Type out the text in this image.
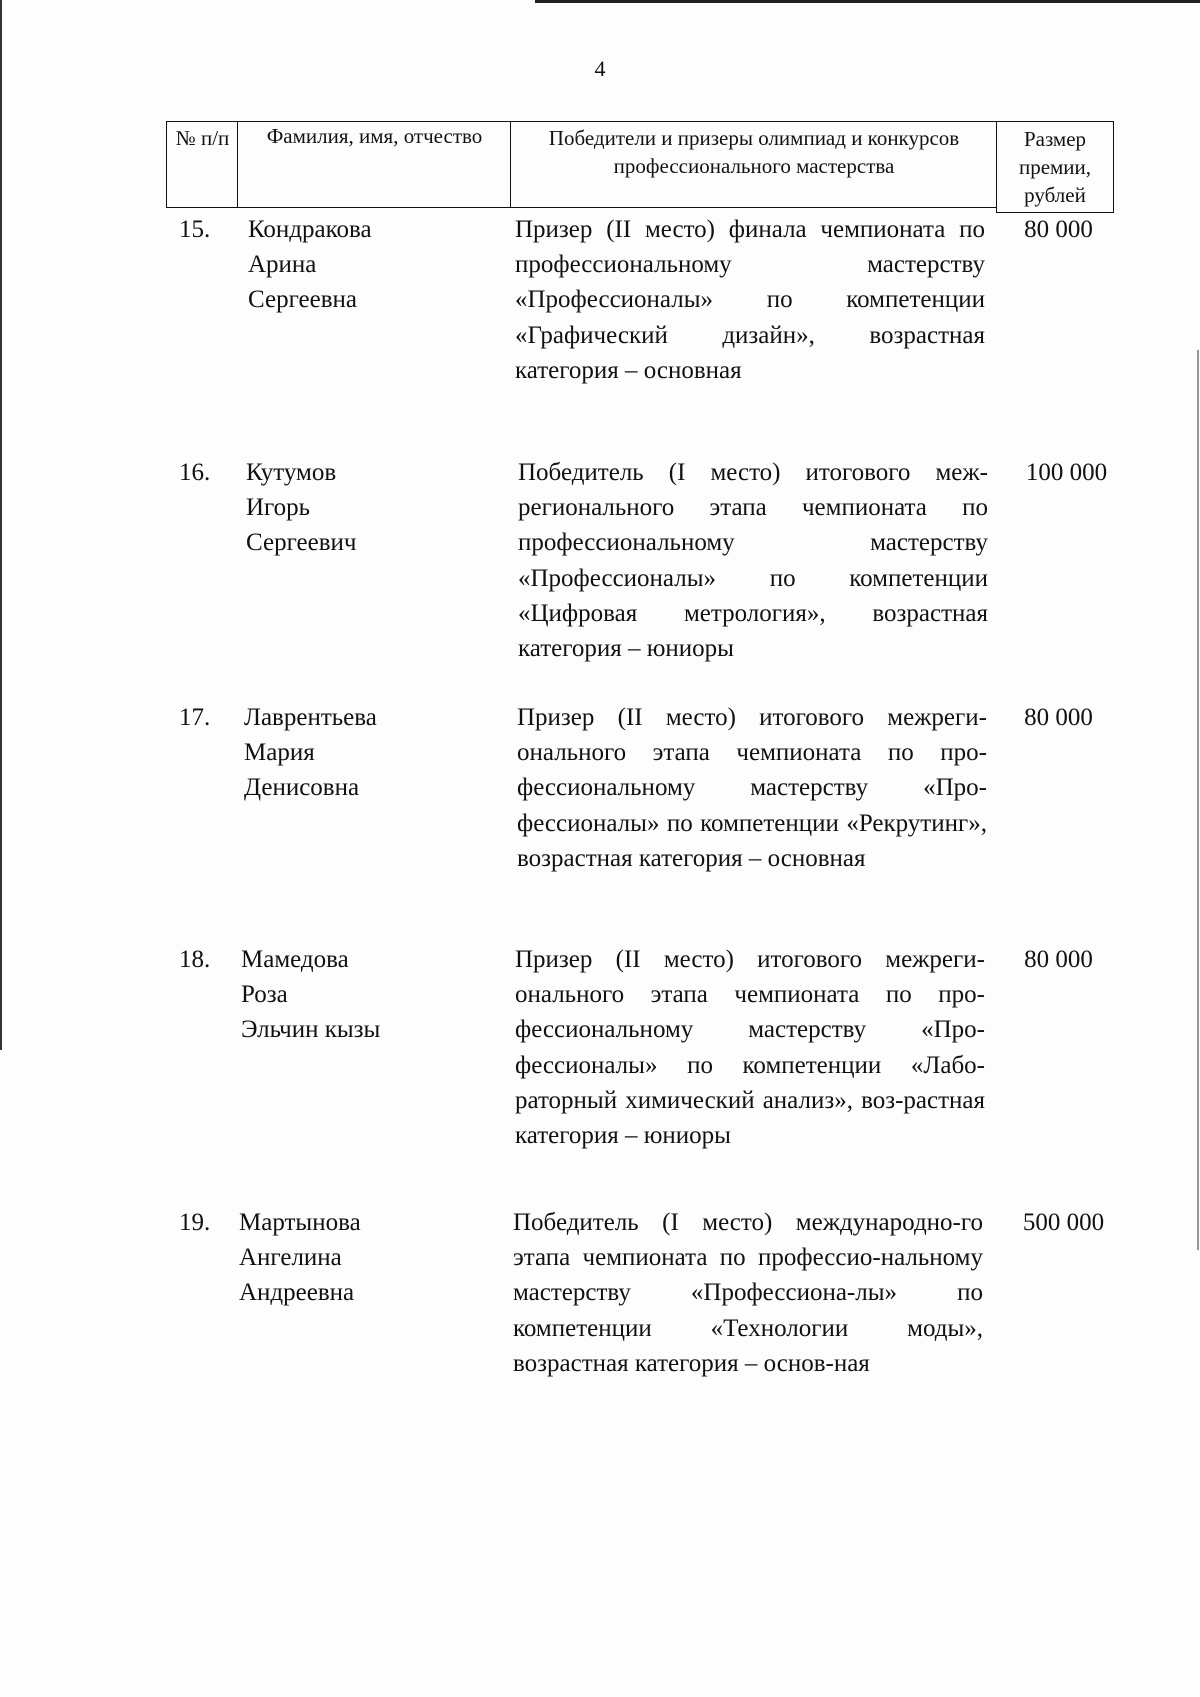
4
№ п/п	Фамилия, имя, отчество	Победители и призеры олимпиад и конкурсов профессионального мастерства
Размер премии, рублей
15. Кондракова
Арина
Сергеевна
Призер (II место) финала чемпионата по профессиональному мастерству «Профессионалы» по компетенции «Графический дизайн», возрастная категория – основная
80 000
16. Кутумов
Игорь
Сергеевич
Победитель (I место) итогового меж-регионального этапа чемпионата по профессиональному мастерству «Профессионалы» по компетенции «Цифровая метрология», возрастная категория – юниоры
100 000
17. Лаврентьева
Мария
Денисовна
Призер (II место) итогового межреги-онального этапа чемпионата по про-фессиональному мастерству «Про-фессионалы» по компетенции «Рекрутинг», возрастная категория – основная
80 000
18. Мамедова
Роза
Эльчин кызы
Призер (II место) итогового межреги-онального этапа чемпионата по про-фессиональному мастерству «Про-фессионалы» по компетенции «Лабо-раторный химический анализ», воз-растная категория – юниоры
80 000
19. Мартынова
Ангелина
Андреевна
Победитель (I место) международно-го этапа чемпионата по профессио-нальному мастерству «Профессиона-лы» по компетенции «Технологии моды», возрастная категория – основ-ная
500 000
